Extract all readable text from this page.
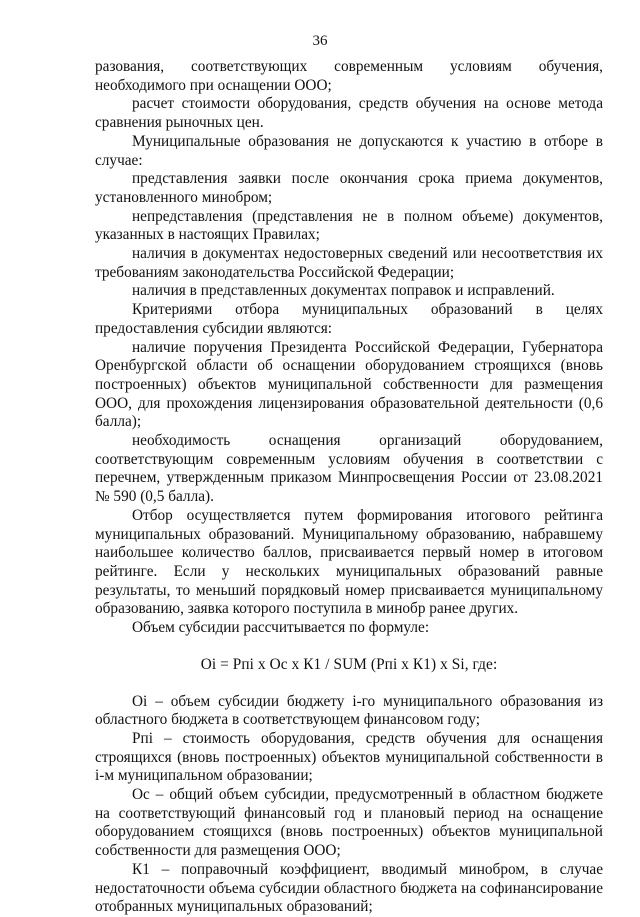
36

разования, соответствующих современным условиям обучения, необходимого при оснащении ООО;

расчет стоимости оборудования, средств обучения на основе метода сравнения рыночных цен.

Муниципальные образования не допускаются к участию в отборе в случае:

представления заявки после окончания срока приема документов, установленного минобром;

непредставления (представления не в полном объеме) документов, указанных в настоящих Правилах;

наличия в документах недостоверных сведений или несоответствия их требованиям законодательства Российской Федерации;

наличия в представленных документах поправок и исправлений.

Критериями отбора муниципальных образований в целях предоставления субсидии являются:

наличие поручения Президента Российской Федерации, Губернатора Оренбургской области об оснащении оборудованием строящихся (вновь построенных) объектов муниципальной собственности для размещения ООО, для прохождения лицензирования образовательной деятельности (0,6 балла);

необходимость оснащения организаций оборудованием, соответствующим современным условиям обучения в соответствии с перечнем, утвержденным приказом Минпросвещения России от 23.08.2021 № 590 (0,5 балла).

Отбор осуществляется путем формирования итогового рейтинга муниципальных образований. Муниципальному образованию, набравшему наибольшее количество баллов, присваивается первый номер в итоговом рейтинге. Если у нескольких муниципальных образований равные результаты, то меньший порядковый номер присваивается муниципальному образованию, заявка которого поступила в минобр ранее других.

Объем субсидии рассчитывается по формуле:

Oi = Рпi х Ос х К1 / SUM (Рпi х К1) х Si, где:

Oi – объем субсидии бюджету i-го муниципального образования из областного бюджета в соответствующем финансовом году;

Рпi – стоимость оборудования, средств обучения для оснащения строящихся (вновь построенных) объектов муниципальной собственности в i-м муниципальном образовании;

Ос – общий объем субсидии, предусмотренный в областном бюджете на соответствующий финансовый год и плановый период на оснащение оборудованием стоящихся (вновь построенных) объектов муниципальной собственности для размещения ООО;

К1 – поправочный коэффициент, вводимый минобром, в случае недостаточности объема субсидии областного бюджета на софинансирование отобранных муниципальных образований;
